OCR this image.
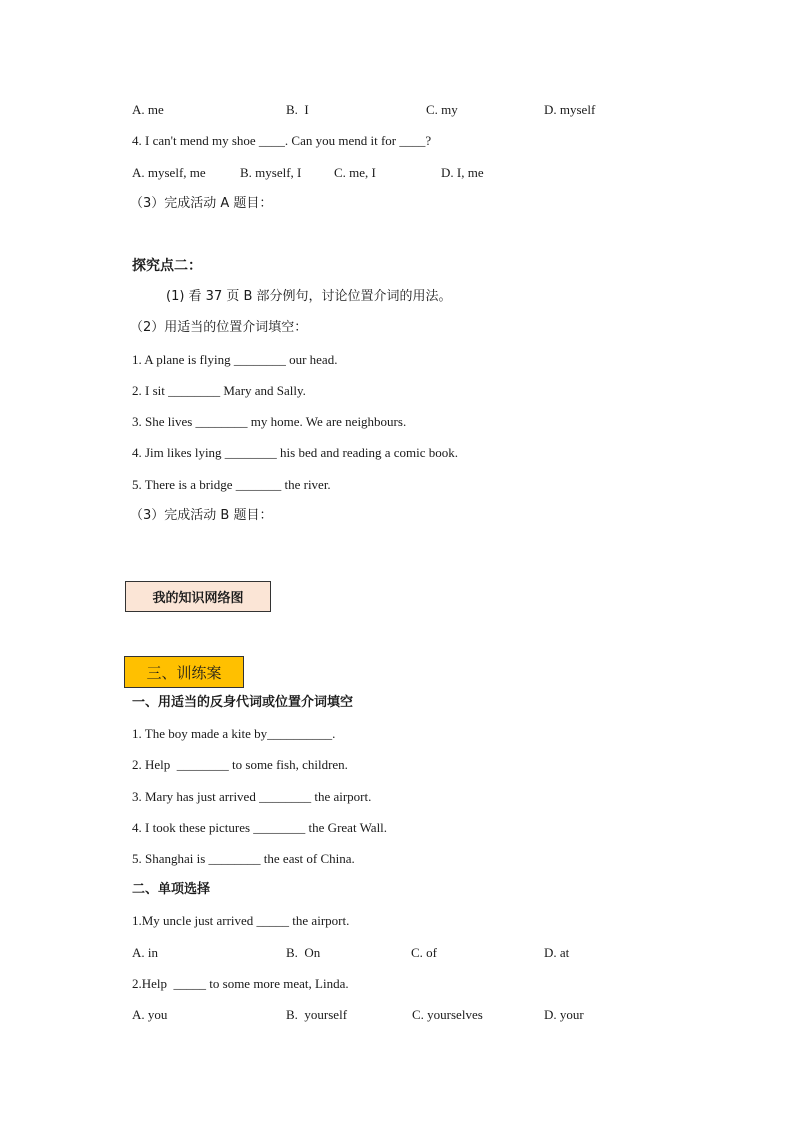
A. me	B.  I	C. my	D. myself
4. I can't mend my shoe ____. Can you mend it for ____?
A. myself, me	B. myself, I	C. me, I	D. I, me
（3）完成活动 A 题目：
探究点二：
(1) 看 37 页 B 部分例句，讨论位置介词的用法。
（2）用适当的位置介词填空：
1. A plane is flying ________ our head.
2. I sit ________ Mary and Sally.
3. She lives ________ my home. We are neighbours.
4. Jim likes lying ________ his bed and reading a comic book.
5. There is a bridge _______ the river.
（3）完成活动 B 题目：
我的知识网络图
三、训练案
一、用适当的反身代词或位置介词填空
1. The boy made a kite by__________.
2. Help  ________ to some fish, children.
3. Mary has just arrived ________ the airport.
4. I took these pictures ________ the Great Wall.
5. Shanghai is ________ the east of China.
二、单项选择
1.My uncle just arrived _____ the airport.
A. in	B.  On	C. of	D. at
2.Help  _____ to some more meat, Linda.
A. you	B.  yourself	C. yourselves	D. your
